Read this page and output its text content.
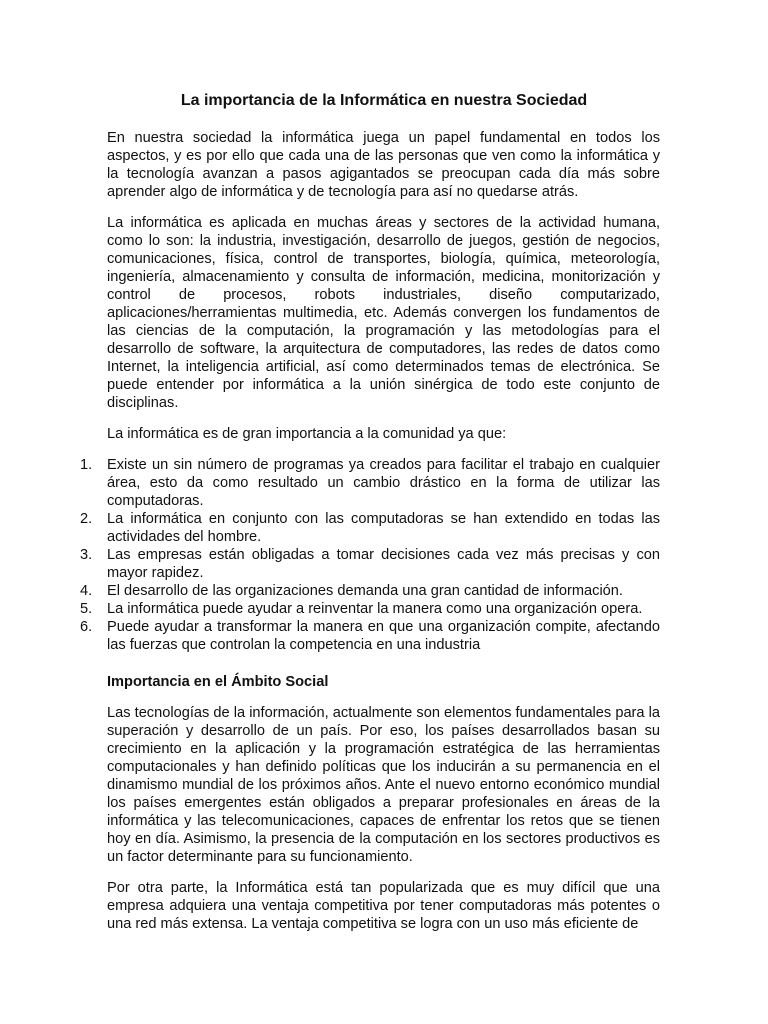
La importancia de la Informática en nuestra Sociedad

En nuestra sociedad la informática juega un papel fundamental en todos los aspectos, y es por ello que cada una de las personas que ven como la informática y la tecnología avanzan a pasos agigantados se preocupan cada día más sobre aprender algo de informática y de tecnología para así no quedarse atrás.

La informática es aplicada en muchas áreas y sectores de la actividad humana, como lo son: la industria, investigación, desarrollo de juegos, gestión de negocios, comunicaciones, física, control de transportes, biología, química, meteorología, ingeniería, almacenamiento y consulta de información, medicina, monitorización y control de procesos, robots industriales, diseño computarizado, aplicaciones/herramientas multimedia, etc. Además convergen los fundamentos de las ciencias de la computación, la programación y las metodologías para el desarrollo de software, la arquitectura de computadores, las redes de datos como Internet, la inteligencia artificial, así como determinados temas de electrónica. Se puede entender por informática a la unión sinérgica de todo este conjunto de disciplinas.

La informática es de gran importancia a la comunidad ya que:

1. Existe un sin número de programas ya creados para facilitar el trabajo en cualquier área, esto da como resultado un cambio drástico en la forma de utilizar las computadoras.
2. La informática en conjunto con las computadoras se han extendido en todas las actividades del hombre.
3. Las empresas están obligadas a tomar decisiones cada vez más precisas y con mayor rapidez.
4. El desarrollo de las organizaciones demanda una gran cantidad de información.
5. La informática puede ayudar a reinventar la manera como una organización opera.
6. Puede ayudar a transformar la manera en que una organización compite, afectando las fuerzas que controlan la competencia en una industria

Importancia en el Ámbito Social

Las tecnologías de la información, actualmente son elementos fundamentales para la superación y desarrollo de un país. Por eso, los países desarrollados basan su crecimiento en la aplicación y la programación estratégica de las herramientas computacionales y han definido políticas que los inducirán a su permanencia en el dinamismo mundial de los próximos años. Ante el nuevo entorno económico mundial los países emergentes están obligados a preparar profesionales en áreas de la informática y las telecomunicaciones, capaces de enfrentar los retos que se tienen hoy en día. Asimismo, la presencia de la computación en los sectores productivos es un factor determinante para su funcionamiento.

Por otra parte, la Informática está tan popularizada que es muy difícil que una empresa adquiera una ventaja competitiva por tener computadoras más potentes o una red más extensa. La ventaja competitiva se logra con un uso más eficiente de
